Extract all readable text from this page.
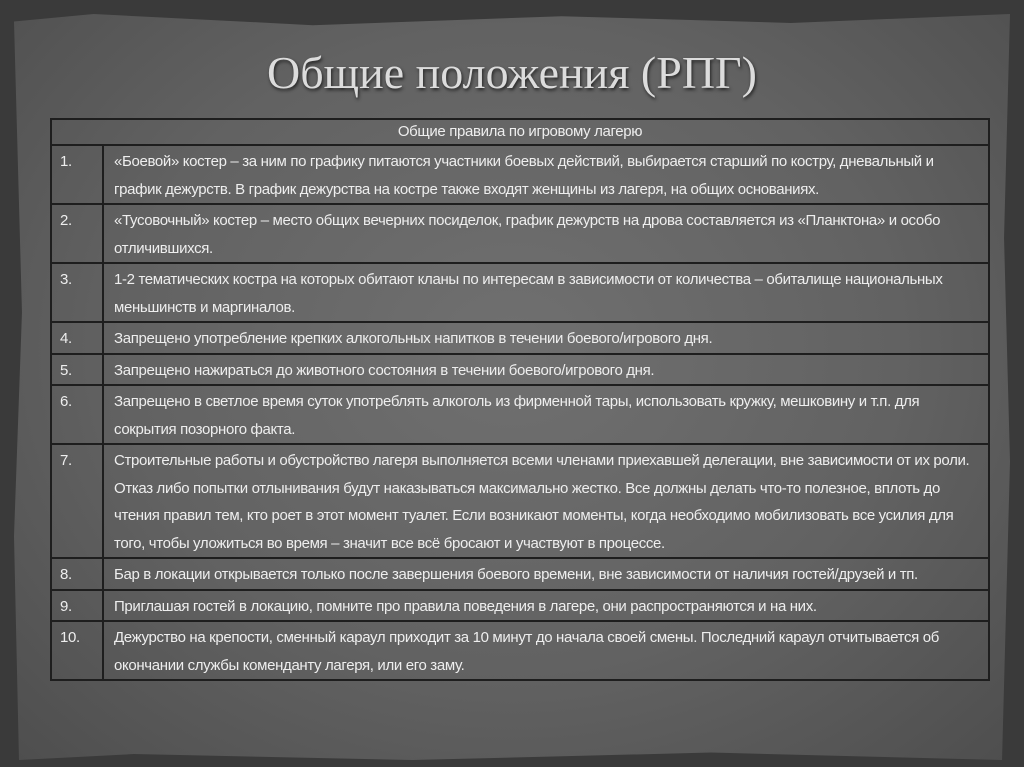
Общие положения (РПГ)
Общие правила по игровому лагерю	
1.	«Боевой» костер – за ним по графику питаются участники боевых действий, выбирается старший по костру, дневальный и график дежурств. В график дежурства на костре также входят женщины из лагеря, на общих основаниях.
2.	«Тусовочный» костер – место общих вечерних посиделок, график дежурств на дрова составляется из «Планктона» и особо отличившихся.
3.	1-2 тематических костра на которых обитают кланы по интересам в зависимости от количества – обиталище национальных меньшинств и маргиналов.
4.	Запрещено употребление крепких алкогольных напитков в течении боевого/игрового дня.
5.	Запрещено нажираться до животного состояния в течении боевого/игрового дня.
6.	Запрещено в светлое время суток употреблять алкоголь из фирменной тары, использовать кружку, мешковину и т.п. для сокрытия позорного факта.
7.	Строительные работы и обустройство лагеря выполняется всеми членами приехавшей делегации, вне зависимости от их роли. Отказ либо попытки отлынивания будут наказываться максимально жестко. Все должны делать что-то полезное, вплоть до чтения правил тем, кто роет в этот момент туалет. Если возникают моменты, когда необходимо мобилизовать все усилия для того, чтобы уложиться во время – значит все всё бросают и участвуют в процессе.
8.	Бар в локации открывается только после завершения боевого времени, вне зависимости от наличия гостей/друзей и тп.
9.	Приглашая гостей в локацию, помните про правила поведения в лагере, они распространяются и на них.
10.	Дежурство на крепости, сменный караул приходит за 10 минут до начала своей смены. Последний караул отчитывается об окончании службы коменданту лагеря, или его заму.
